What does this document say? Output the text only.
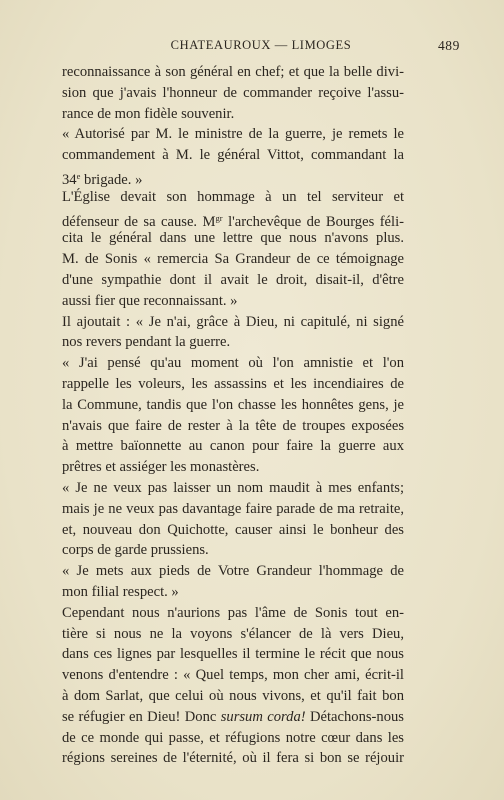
CHATEAUROUX — LIMOGES	489
reconnaissance à son général en chef; et que la belle divi-
sion que j'avais l'honneur de commander reçoive l'assu-
rance de mon fidèle souvenir.
« Autorisé par M. le ministre de la guerre, je remets le
commandement à M. le général Vittot, commandant la
34e brigade. »
L'Église devait son hommage à un tel serviteur et
défenseur de sa cause. $M^{gr}$ l'archevêque de Bourges féli-
cita le général dans une lettre que nous n'avons plus.
M. de Sonis « remercia Sa Grandeur de ce témoignage
d'une sympathie dont il avait le droit, disait-il, d'être
aussi fier que reconnaissant. »
Il ajoutait : « Je n'ai, grâce à Dieu, ni capitulé, ni signé
nos revers pendant la guerre.
« J'ai pensé qu'au moment où l'on amnistie et l'on
rappelle les voleurs, les assassins et les incendiaires de
la Commune, tandis que l'on chasse les honnêtes gens, je
n'avais que faire de rester à la tête de troupes exposées
à mettre baïonnette au canon pour faire la guerre aux
prêtres et assiéger les monastères.
« Je ne veux pas laisser un nom maudit à mes enfants;
mais je ne veux pas davantage faire parade de ma retraite,
et, nouveau don Quichotte, causer ainsi le bonheur des
corps de garde prussiens.
« Je mets aux pieds de Votre Grandeur l'hommage de
mon filial respect. »
Cependant nous n'aurions pas l'âme de Sonis tout en-
tière si nous ne la voyons s'élancer de là vers Dieu,
dans ces lignes par lesquelles il termine le récit que nous
venons d'entendre : « Quel temps, mon cher ami, écrit-il
à dom Sarlat, que celui où nous vivons, et qu'il fait bon
se réfugier en Dieu! Donc sursum corda! Détachons-nous
de ce monde qui passe, et réfugions notre cœur dans les
régions sereines de l'éternité, où il fera si bon se réjouir
